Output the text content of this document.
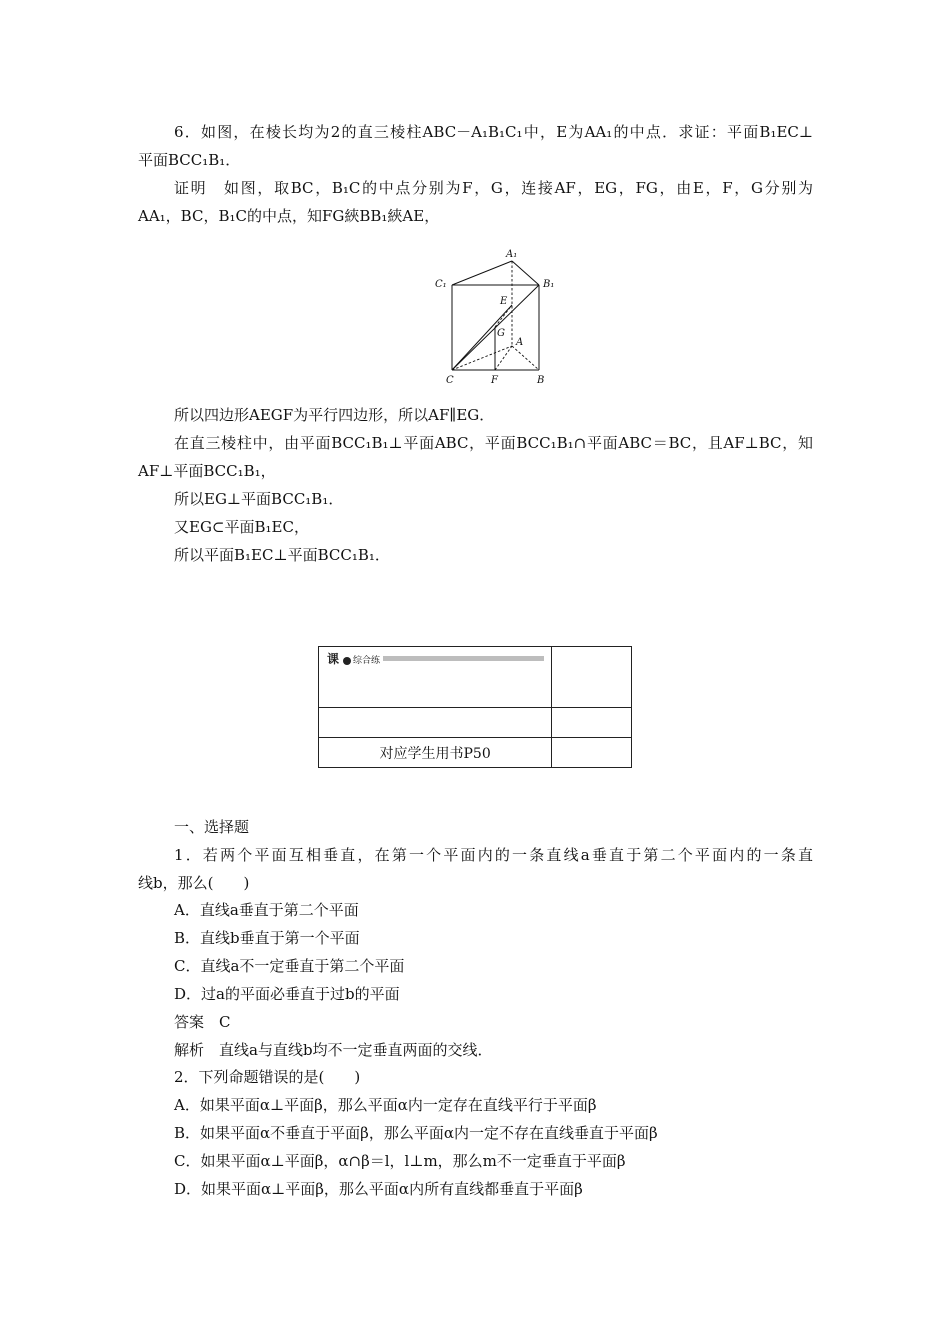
6．如图，在棱长均为2的直三棱柱ABC－A₁B₁C₁中，E为AA₁的中点．求证：平面B₁EC⊥
平面BCC₁B₁．
证明　如图，取BC，B₁C的中点分别为F，G，连接AF，EG，FG，由E，F，G分别为
AA₁，BC，B₁C的中点，知FG綊BB₁綊AE，
A₁
C₁	B₁
E
G
A
C	F	B
所以四边形AEGF为平行四边形，所以AF∥EG．
在直三棱柱中，由平面BCC₁B₁⊥平面ABC，平面BCC₁B₁∩平面ABC＝BC，且AF⊥BC，知
AF⊥平面BCC₁B₁，
所以EG⊥平面BCC₁B₁．
又EG⊂平面B₁EC，
所以平面B₁EC⊥平面BCC₁B₁．
课 综合练	

对应学生用书P50	
一、选择题
1．若两个平面互相垂直，在第一个平面内的一条直线a垂直于第二个平面内的一条直
线b，那么(　　)
A．直线a垂直于第二个平面
B．直线b垂直于第一个平面
C．直线a不一定垂直于第二个平面
D．过a的平面必垂直于过b的平面
答案　C
解析　直线a与直线b均不一定垂直两面的交线．
2．下列命题错误的是(　　)
A．如果平面α⊥平面β，那么平面α内一定存在直线平行于平面β
B．如果平面α不垂直于平面β，那么平面α内一定不存在直线垂直于平面β
C．如果平面α⊥平面β，α∩β＝l，l⊥m，那么m不一定垂直于平面β
D．如果平面α⊥平面β，那么平面α内所有直线都垂直于平面β
